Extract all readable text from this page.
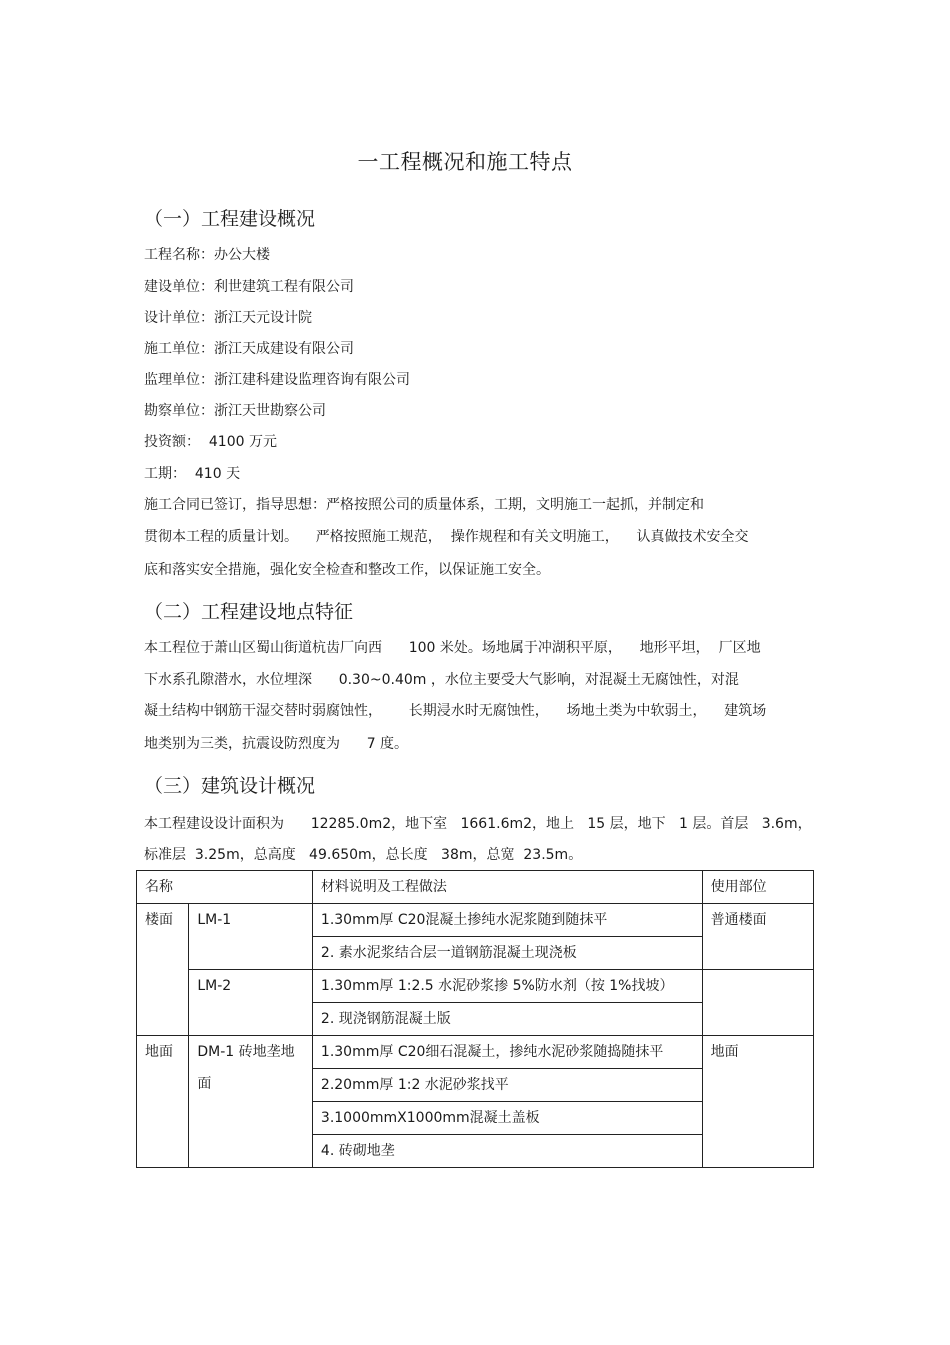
一工程概况和施工特点
（一）工程建设概况
工程名称：办公大楼
建设单位：利世建筑工程有限公司
设计单位：浙江天元设计院
施工单位：浙江天成建设有限公司
监理单位：浙江建科建设监理咨询有限公司
勘察单位：浙江天世勘察公司
投资额：  4100 万元
工期：  410 天
施工合同已签订，指导思想：严格按照公司的质量体系，工期，文明施工一起抓，并制定和
贯彻本工程的质量计划。    严格按照施工规范，  操作规程和有关文明施工，    认真做技术安全交
底和落实安全措施，强化安全检查和整改工作，以保证施工安全。
（二）工程建设地点特征
本工程位于萧山区蜀山街道杭齿厂向西      100 米处。场地属于冲湖积平原，    地形平坦，  厂区地
下水系孔隙潜水，水位埋深      0.30~0.40m ，水位主要受大气影响，对混凝土无腐蚀性，对混
凝土结构中钢筋干湿交替时弱腐蚀性，      长期浸水时无腐蚀性，    场地土类为中软弱土，    建筑场
地类别为三类，抗震设防烈度为      7 度。
（三）建筑设计概况
本工程建设设计面积为      12285.0m2，地下室   1661.6m2，地上   15 层，地下   1 层。首层   3.6m，
标准层  3.25m，总高度   49.650m，总长度   38m，总宽  23.5m。
名称		材料说明及工程做法	使用部位
楼面	LM-1	1.30mm厚 C20混凝土掺纯水泥浆随到随抹平	普通楼面
		2. 素水泥浆结合层一道钢筋混凝土现浇板	
	LM-2	1.30mm厚 1:2.5 水泥砂浆掺 5%防水剂（按 1%找坡）	
		2. 现浇钢筋混凝土版	
地面	DM-1 砖地垄地面	1.30mm厚 C20细石混凝土，掺纯水泥砂浆随捣随抹平	地面
		2.20mm厚 1:2 水泥砂浆找平	
		3.1000mmX1000mm混凝土盖板	
		4. 砖砌地垄	
